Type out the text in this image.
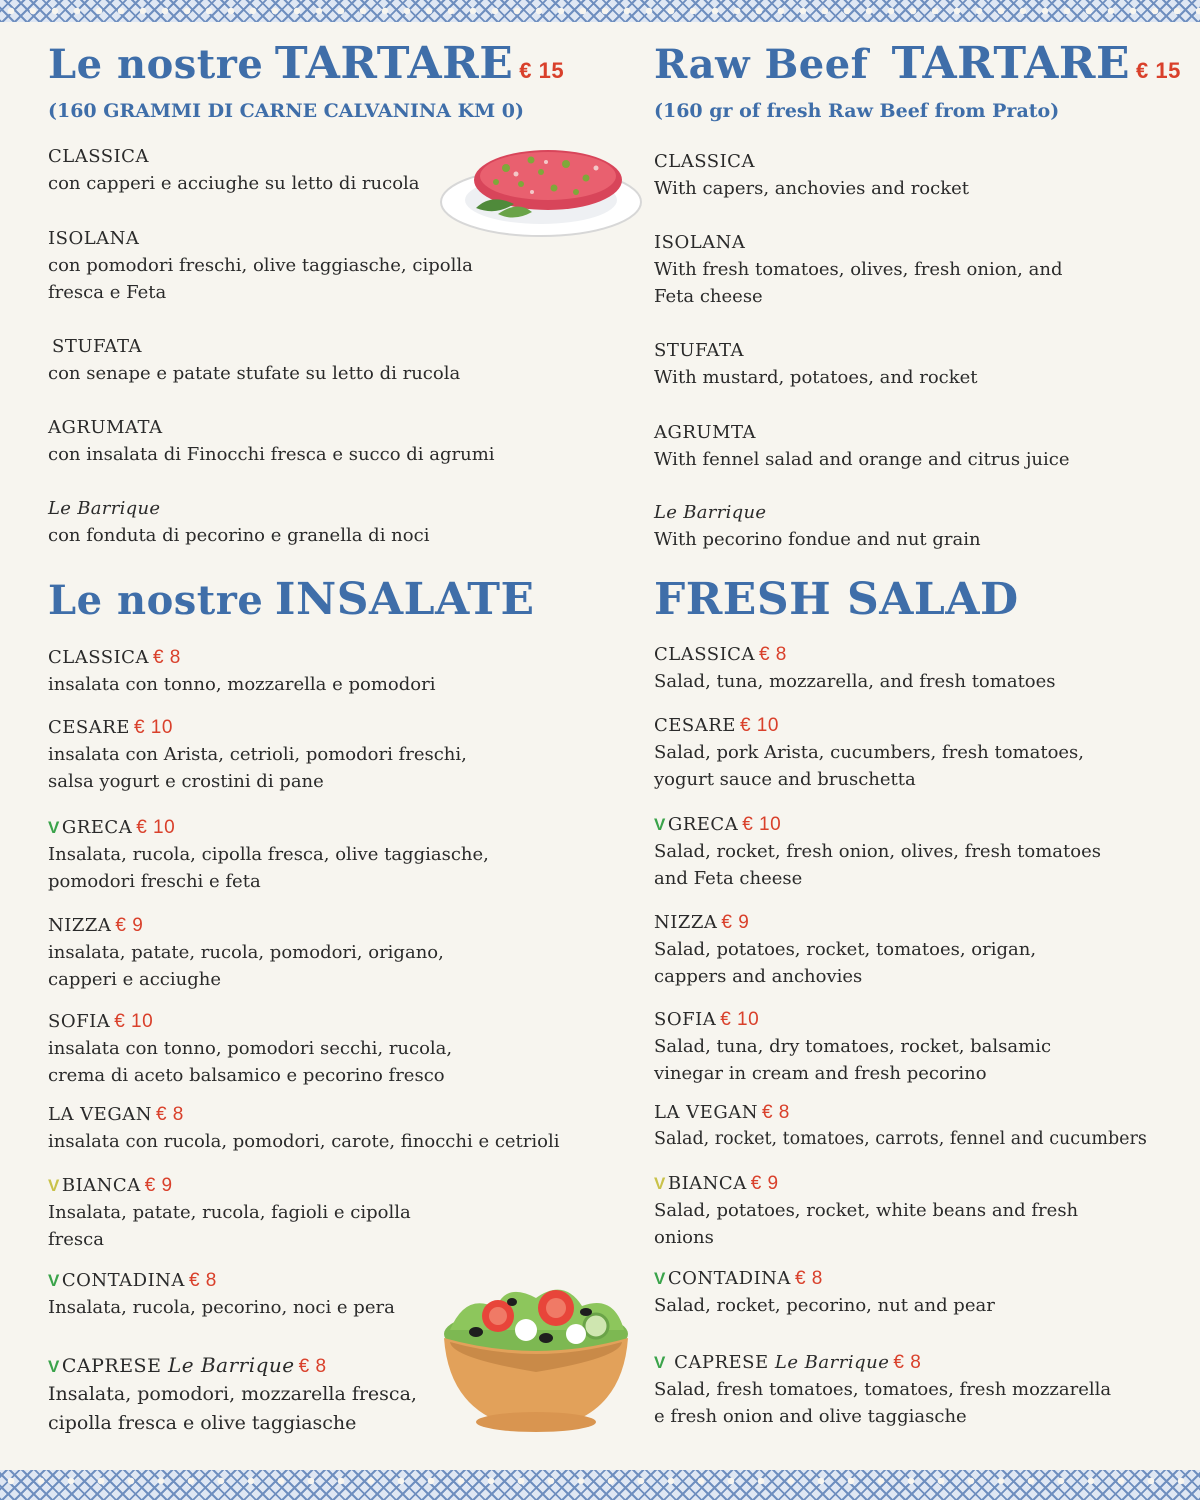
Le nostre TARTARE € 15
(160 GRAMMI DI CARNE CALVANINA KM 0)
CLASSICA
con capperi e acciughe su letto di rucola
ISOLANA
con pomodori freschi, olive taggiasche, cipolla fresca e Feta
STUFATA
con senape e patate stufate su letto di rucola
AGRUMATA
con insalata di Finocchi fresca e succo di agrumi
Le Barrique
con fonduta di pecorino e granella di noci
Le nostre INSALATE
CLASSICA € 8
insalata con tonno, mozzarella e pomodori
CESARE € 10
insalata con Arista, cetrioli, pomodori freschi, salsa yogurt e crostini di pane
V GRECA € 10
Insalata, rucola, cipolla fresca, olive taggiasche, pomodori freschi e feta
NIZZA € 9
insalata, patate, rucola, pomodori, origano, capperi e acciughe
SOFIA € 10
insalata con tonno, pomodori secchi, rucola, crema di aceto balsamico e pecorino fresco
LA VEGAN € 8
insalata con rucola, pomodori, carote, finocchi e cetrioli
V BIANCA € 9
Insalata, patate, rucola, fagioli e cipolla fresca
V CONTADINA € 8
Insalata, rucola, pecorino, noci e pera
V CAPRESE Le Barrique € 8
Insalata, pomodori, mozzarella fresca, cipolla fresca e olive taggiasche
Raw Beef TARTARE € 15
(160 gr of fresh Raw Beef from Prato)
CLASSICA
With capers, anchovies and rocket
ISOLANA
With fresh tomatoes, olives, fresh onion, and Feta cheese
STUFATA
With mustard, potatoes, and rocket
AGRUMTA
With fennel salad and orange and citrus juice
Le Barrique
With pecorino fondue and nut grain
FRESH SALAD
CLASSICA € 8
Salad, tuna, mozzarella, and fresh tomatoes
CESARE € 10
Salad, pork Arista, cucumbers, fresh tomatoes, yogurt sauce and bruschetta
V GRECA € 10
Salad, rocket, fresh onion, olives, fresh tomatoes and Feta cheese
NIZZA € 9
Salad, potatoes, rocket, tomatoes, origan, cappers and anchovies
SOFIA € 10
Salad, tuna, dry tomatoes, rocket, balsamic vinegar in cream and fresh pecorino
LA VEGAN € 8
Salad, rocket, tomatoes, carrots, fennel and cucumbers
V BIANCA € 9
Salad, potatoes, rocket, white beans and fresh onions
V CONTADINA € 8
Salad, rocket, pecorino, nut and pear
V CAPRESE Le Barrique € 8
Salad, fresh tomatoes, tomatoes, fresh mozzarella e fresh onion and olive taggiasche
